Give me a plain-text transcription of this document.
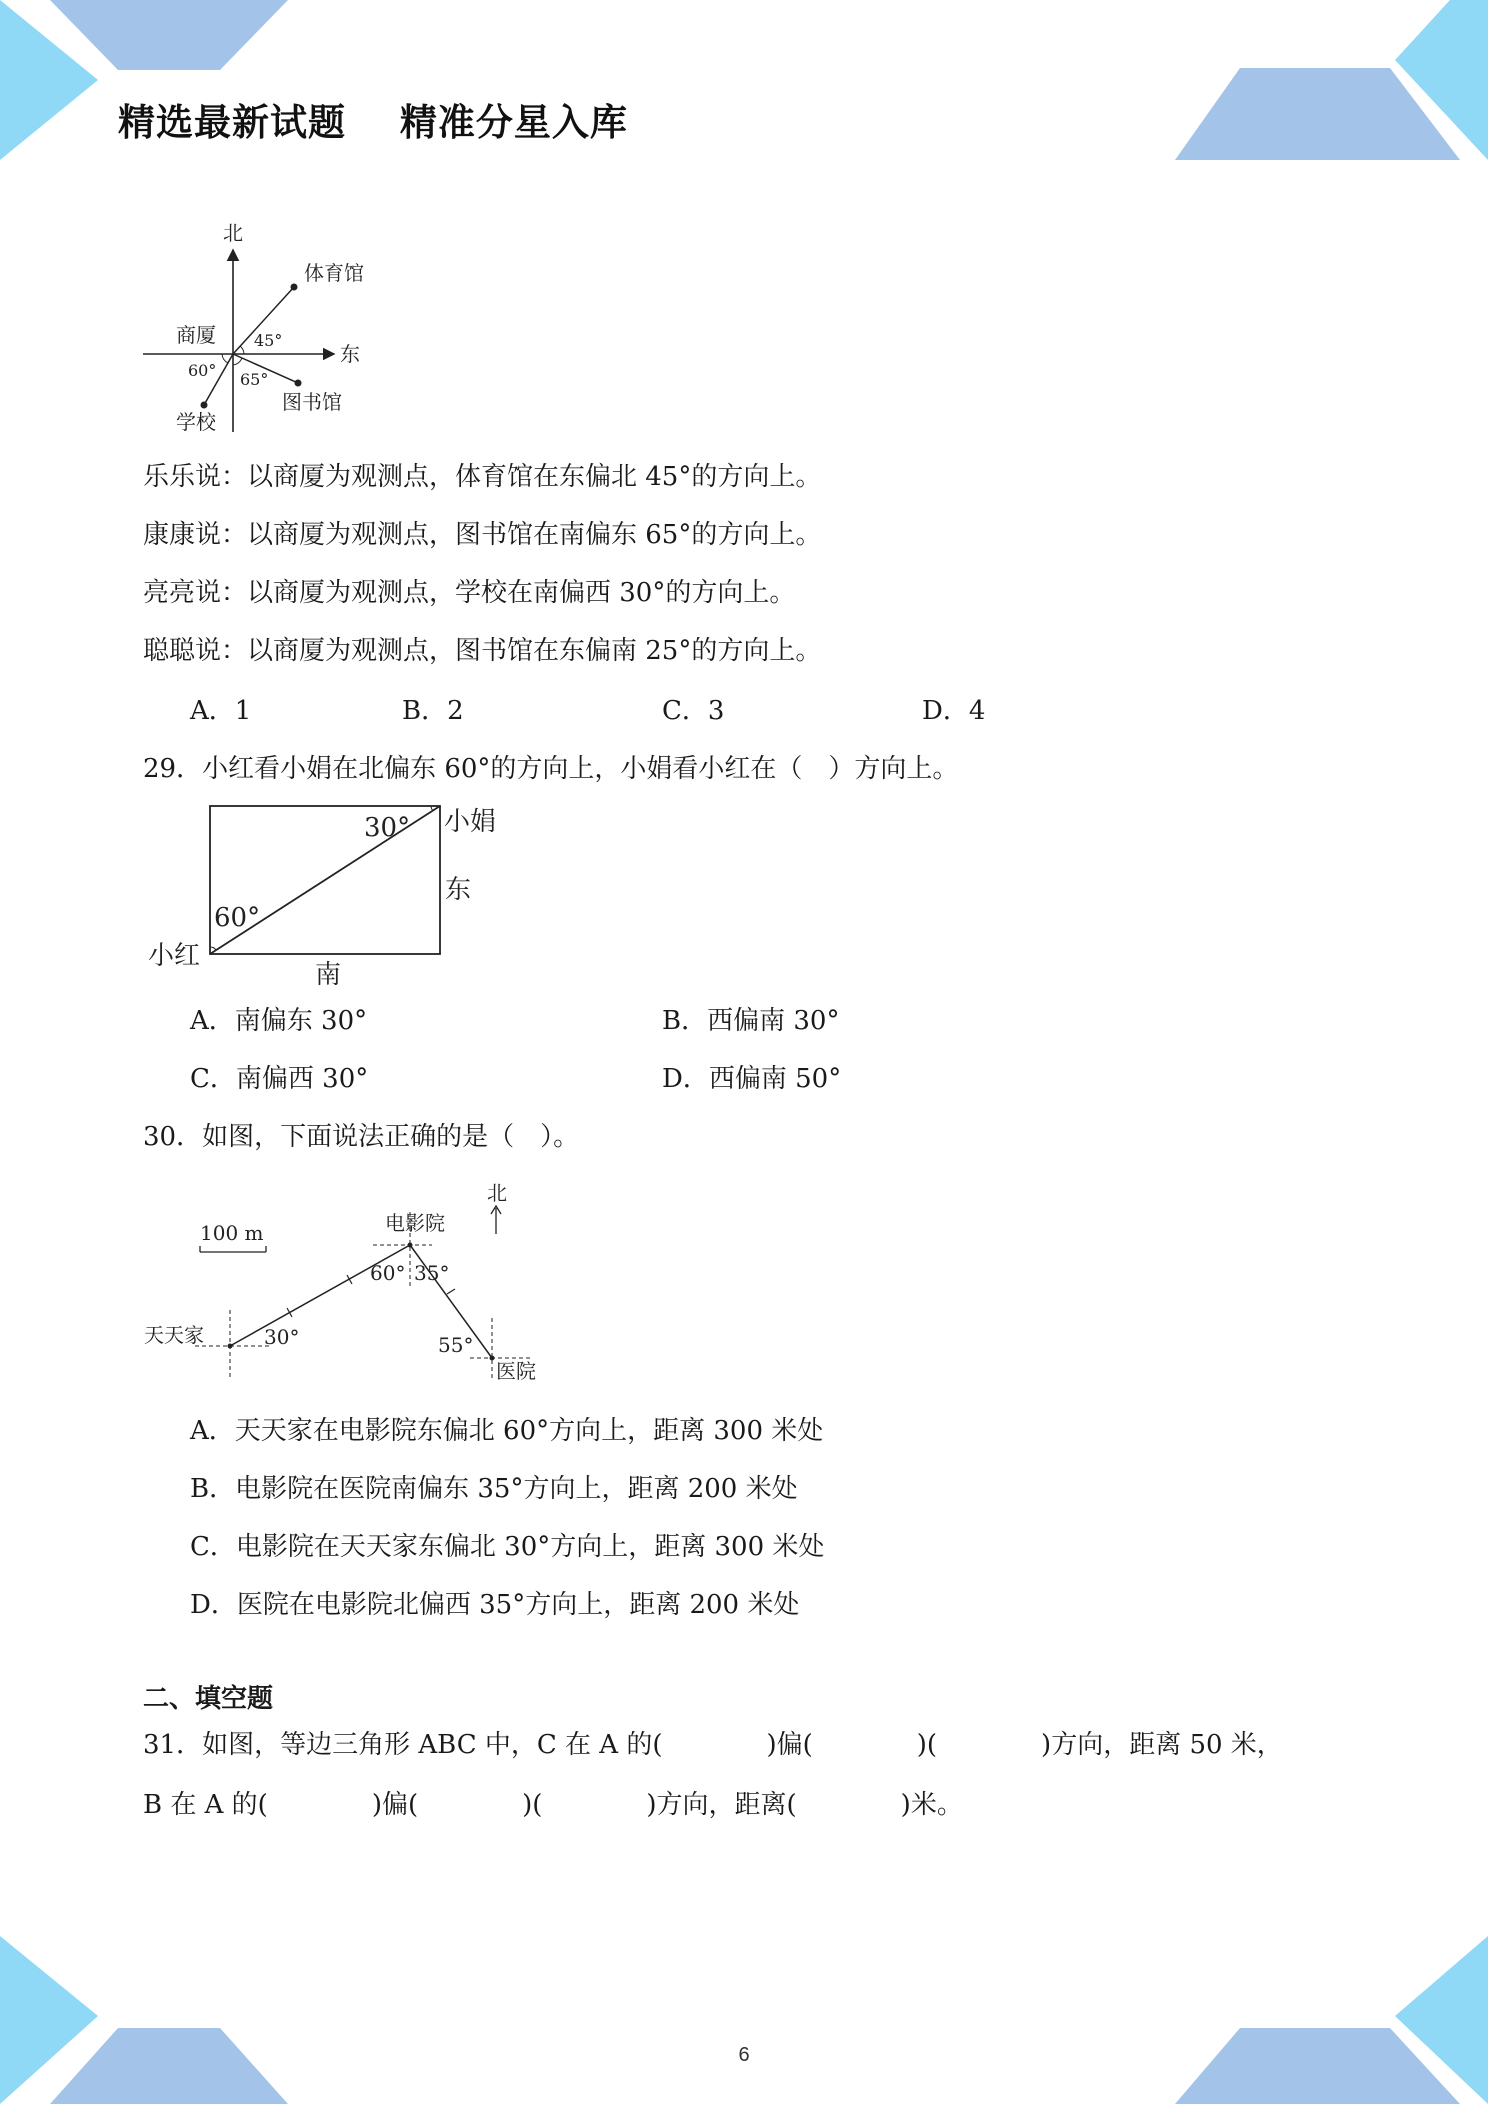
精选最新试题 精准分星入库
北
东
商厦
体育馆
图书馆
学校
45°
65°
60°
乐乐说：以商厦为观测点，体育馆在东偏北 45°的方向上。
康康说：以商厦为观测点，图书馆在南偏东 65°的方向上。
亮亮说：以商厦为观测点，学校在南偏西 30°的方向上。
聪聪说：以商厦为观测点，图书馆在东偏南 25°的方向上。
A．1	B．2	C．3	D．4
29．小红看小娟在北偏东 60°的方向上，小娟看小红在（　）方向上。
30°
60°
小娟
小红
东
南
A．南偏东 30°	B．西偏南 30°
C．南偏西 30°	D．西偏南 50°
30．如图，下面说法正确的是（　）。
100 m
北
电影院
天天家
医院
30°
60° 35°
55°
A．天天家在电影院东偏北 60°方向上，距离 300 米处
B．电影院在医院南偏东 35°方向上，距离 200 米处
C．电影院在天天家东偏北 30°方向上，距离 300 米处
D．医院在电影院北偏西 35°方向上，距离 200 米处
二、填空题
31．如图，等边三角形 ABC 中，C 在 A 的(　　　　)偏(　　　　)(　　　　)方向，距离 50 米，
B 在 A 的(　　　　)偏(　　　　)(　　　　)方向，距离(　　　　)米。
6
